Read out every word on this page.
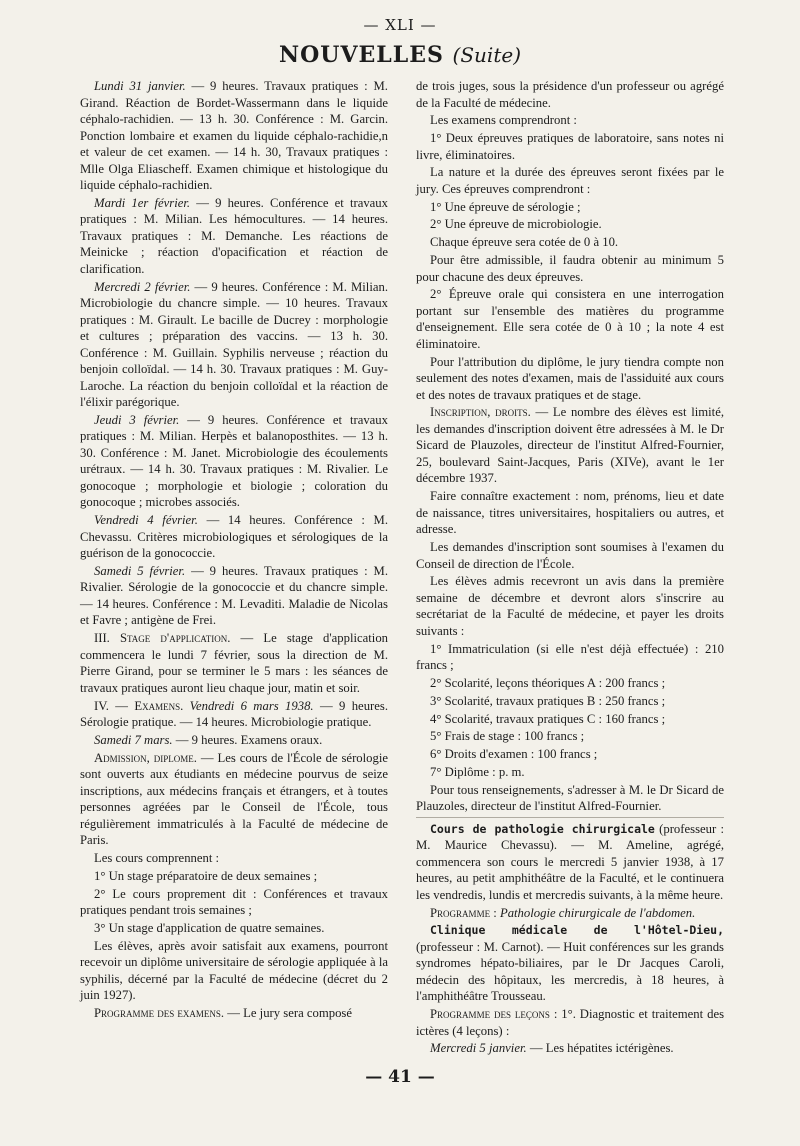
— XLI —
NOUVELLES (Suite)

Lundi 31 janvier. — 9 heures. Travaux pratiques : M. Girand. Réaction de Bordet-Wassermann dans le liquide céphalo-rachidien. — 13 h. 30. Conférence : M. Garcin. Ponction lombaire et examen du liquide céphalo-rachidie,n et valeur de cet examen. — 14 h. 30, Travaux pratiques : Mlle Olga Eliascheff. Examen chimique et histologique du liquide céphalo-rachidien.

Mardi 1er février. — 9 heures. Conférence et travaux pratiques : M. Milian. Les hémocultures. — 14 heures. Travaux pratiques : M. Demanche. Les réactions de Meinicke ; réaction d'opacification et réaction de clarification.

Mercredi 2 février. — 9 heures. Conférence : M. Milian. Microbiologie du chancre simple. — 10 heures. Travaux pratiques : M. Girault. Le bacille de Ducrey : morphologie et cultures ; préparation des vaccins. — 13 h. 30. Conférence : M. Guillain. Syphilis nerveuse ; réaction du benjoin colloïdal. — 14 h. 30. Travaux pratiques : M. Guy-Laroche. La réaction du benjoin colloïdal et la réaction de l'élixir parégorique.

Jeudi 3 février. — 9 heures. Conférence et travaux pratiques : M. Milian. Herpès et balanoposthites. — 13 h. 30. Conférence : M. Janet. Microbiologie des écoulements urétraux. — 14 h. 30. Travaux pratiques : M. Rivalier. Le gonocoque ; morphologie et biologie ; coloration du gonocoque ; microbes associés.

Vendredi 4 février. — 14 heures. Conférence : M. Chevassu. Critères microbiologiques et sérologiques de la guérison de la gonococcie.

Samedi 5 février. — 9 heures. Travaux pratiques : M. Rivalier. Sérologie de la gonococcie et du chancre simple. — 14 heures. Conférence : M. Levaditi. Maladie de Nicolas et Favre ; antigène de Frei.

III. Stage d'application. — Le stage d'application commencera le lundi 7 février, sous la direction de M. Pierre Girand, pour se terminer le 5 mars : les séances de travaux pratiques auront lieu chaque jour, matin et soir.

IV. — Examens. Vendredi 6 mars 1938. — 9 heures. Sérologie pratique. — 14 heures. Microbiologie pratique.

Samedi 7 mars. — 9 heures. Examens oraux.

Admission, diplome. — Les cours de l'École de sérologie sont ouverts aux étudiants en médecine pourvus de seize inscriptions, aux médecins français et étrangers, et à toutes personnes agréées par le Conseil de l'École, tous régulièrement immatriculés à la Faculté de médecine de Paris.

Les cours comprennent :

1° Un stage préparatoire de deux semaines ;

2° Le cours proprement dit : Conférences et travaux pratiques pendant trois semaines ;

3° Un stage d'application de quatre semaines.

Les élèves, après avoir satisfait aux examens, pourront recevoir un diplôme universitaire de sérologie appliquée à la syphilis, décerné par la Faculté de médecine (décret du 2 juin 1927).

Programme des examens. — Le jury sera composé

de trois juges, sous la présidence d'un professeur ou agrégé de la Faculté de médecine.

Les examens comprendront :

1° Deux épreuves pratiques de laboratoire, sans notes ni livre, éliminatoires.

La nature et la durée des épreuves seront fixées par le jury. Ces épreuves comprendront :

1° Une épreuve de sérologie ;

2° Une épreuve de microbiologie.

Chaque épreuve sera cotée de 0 à 10.

Pour être admissible, il faudra obtenir au minimum 5 pour chacune des deux épreuves.

2° Épreuve orale qui consistera en une interrogation portant sur l'ensemble des matières du programme d'enseignement. Elle sera cotée de 0 à 10 ; la note 4 est éliminatoire.

Pour l'attribution du diplôme, le jury tiendra compte non seulement des notes d'examen, mais de l'assiduité aux cours et des notes de travaux pratiques et de stage.

Inscription, droits. — Le nombre des élèves est limité, les demandes d'inscription doivent être adressées à M. le Dr Sicard de Plauzoles, directeur de l'institut Alfred-Fournier, 25, boulevard Saint-Jacques, Paris (XIVe), avant le 1er décembre 1937.

Faire connaître exactement : nom, prénoms, lieu et date de naissance, titres universitaires, hospitaliers ou autres, et adresse.

Les demandes d'inscription sont soumises à l'examen du Conseil de direction de l'École.

Les élèves admis recevront un avis dans la première semaine de décembre et devront alors s'inscrire au secrétariat de la Faculté de médecine, et payer les droits suivants :

1° Immatriculation (si elle n'est déjà effectuée) : 210 francs ;

2° Scolarité, leçons théoriques A : 200 francs ;

3° Scolarité, travaux pratiques B : 250 francs ;

4° Scolarité, travaux pratiques C : 160 francs ;

5° Frais de stage : 100 francs ;

6° Droits d'examen : 100 francs ;

7° Diplôme : p. m.

Pour tous renseignements, s'adresser à M. le Dr Sicard de Plauzoles, directeur de l'institut Alfred-Fournier.

Cours de pathologie chirurgicale (professeur : M. Maurice Chevassu). — M. Ameline, agrégé, commencera son cours le mercredi 5 janvier 1938, à 17 heures, au petit amphithéâtre de la Faculté, et le continuera les vendredis, lundis et mercredis suivants, à la même heure.

Programme : Pathologie chirurgicale de l'abdomen.

Clinique médicale de l'Hôtel-Dieu, (professeur : M. Carnot). — Huit conférences sur les grands syndromes hépato-biliaires, par le Dr Jacques Caroli, médecin des hôpitaux, les mercredis, à 18 heures, à l'amphithéâtre Trousseau.

Programme des leçons : 1°. Diagnostic et traitement des ictères (4 leçons) :

Mercredi 5 janvier. — Les hépatites ictérigènes.

— 41 —
